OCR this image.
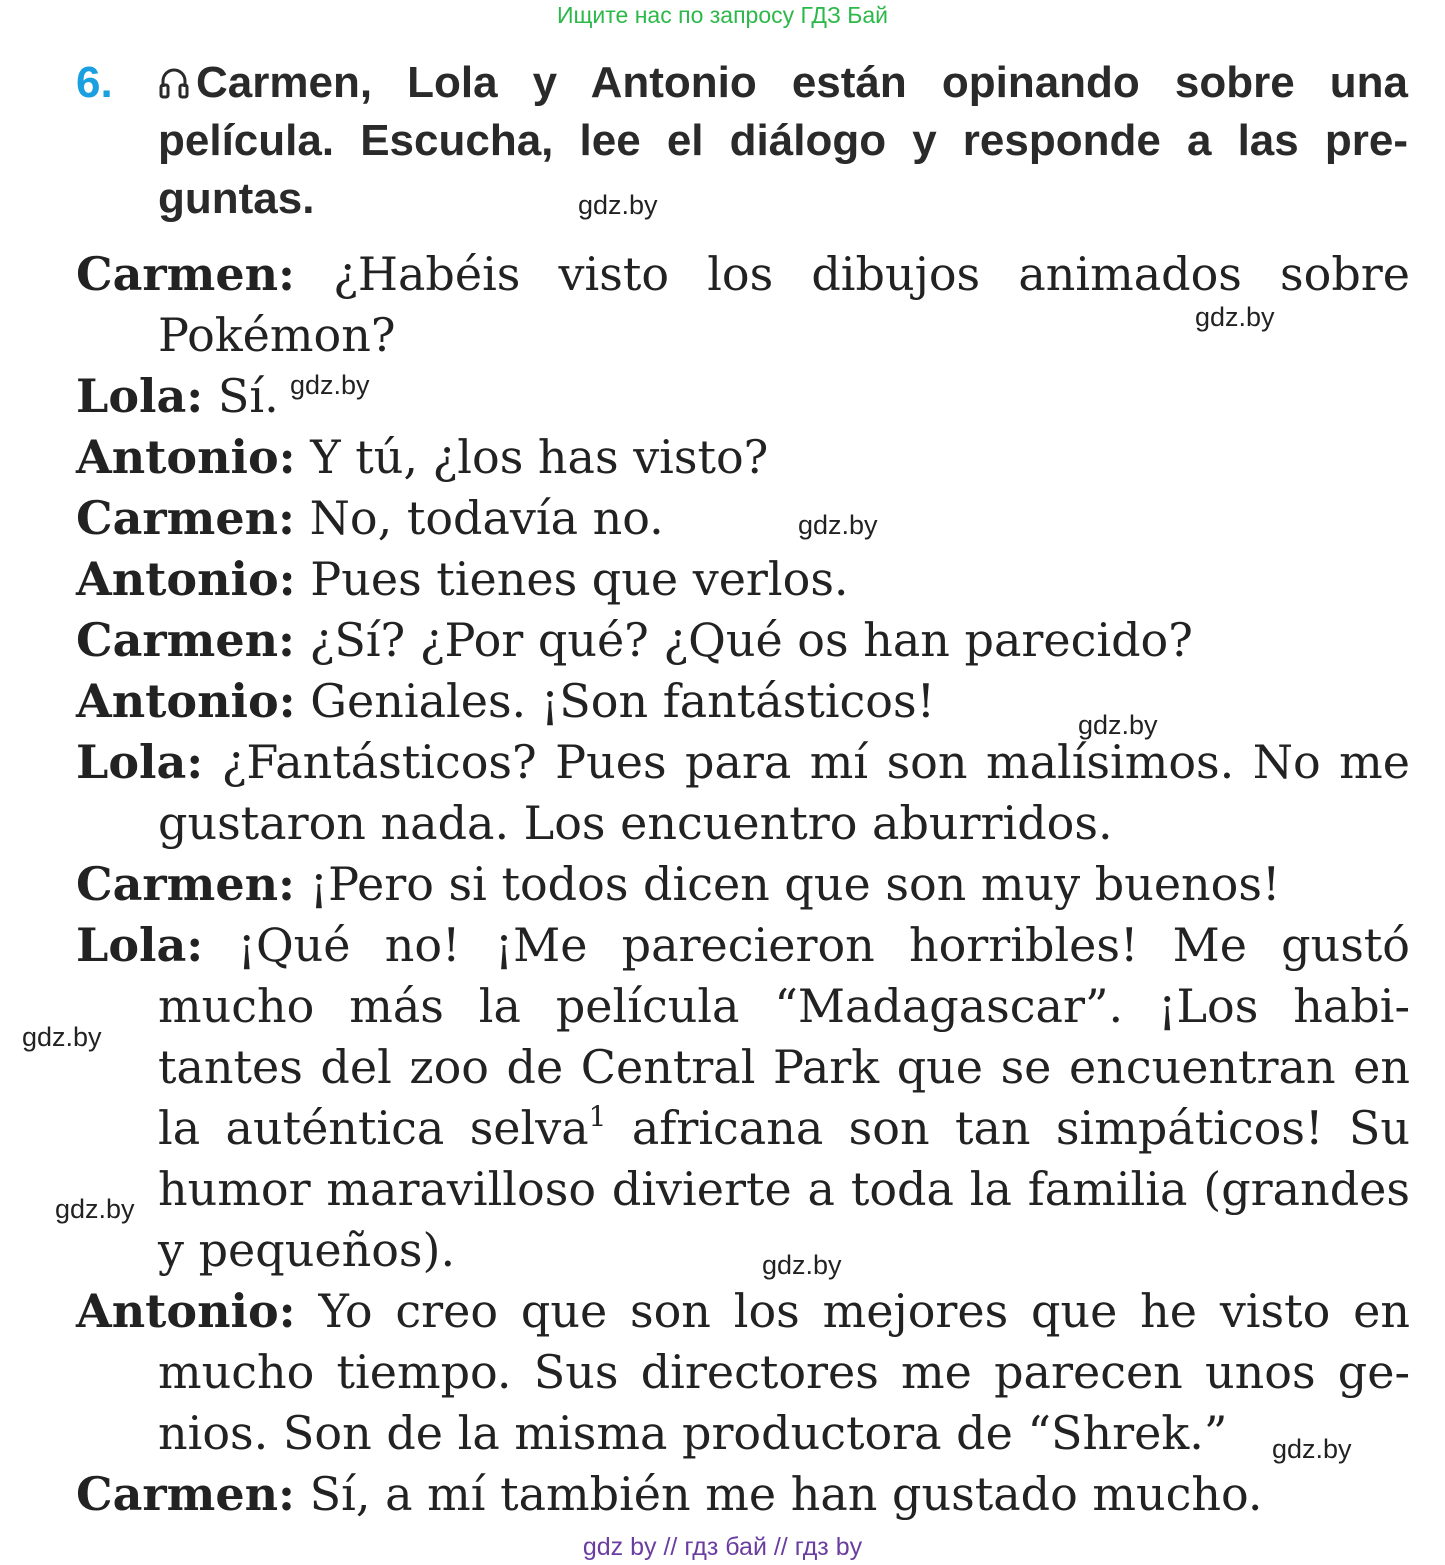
Ищите нас по запросу ГДЗ Бай
6.	Carmen, Lola y Antonio están opinando sobre una película. Escucha, lee el diálogo y responde a las pre-guntas.
Carmen: ¿Habéis visto los dibujos animados sobre Pokémon?
Lola: Sí.
Antonio: Y tú, ¿los has visto?
Carmen: No, todavía no.
Antonio: Pues tienes que verlos.
Carmen: ¿Sí? ¿Por qué? ¿Qué os han parecido?
Antonio: Geniales. ¡Son fantásticos!
Lola: ¿Fantásticos? Pues para mí son malísimos. No me gustaron nada. Los encuentro aburridos.
Carmen: ¡Pero si todos dicen que son muy buenos!
Lola: ¡Qué no! ¡Me parecieron horribles! Me gustó mucho más la película “Madagascar”. ¡Los habi-tantes del zoo de Central Park que se encuentran en la auténtica selva$^1$ africana son tan simpáticos! Su humor maravilloso divierte a toda la familia (grandes y pequeños).
Antonio: Yo creo que son los mejores que he visto en mucho tiempo. Sus directores me parecen unos ge-nios. Son de la misma productora de “Shrek.”
Carmen: Sí, a mí también me han gustado mucho.
gdz.by
gdz.by
gdz.by
gdz.by
gdz.by
gdz.by
gdz.by
gdz.by
gdz.by
gdz by // гдз бай // гдз by
